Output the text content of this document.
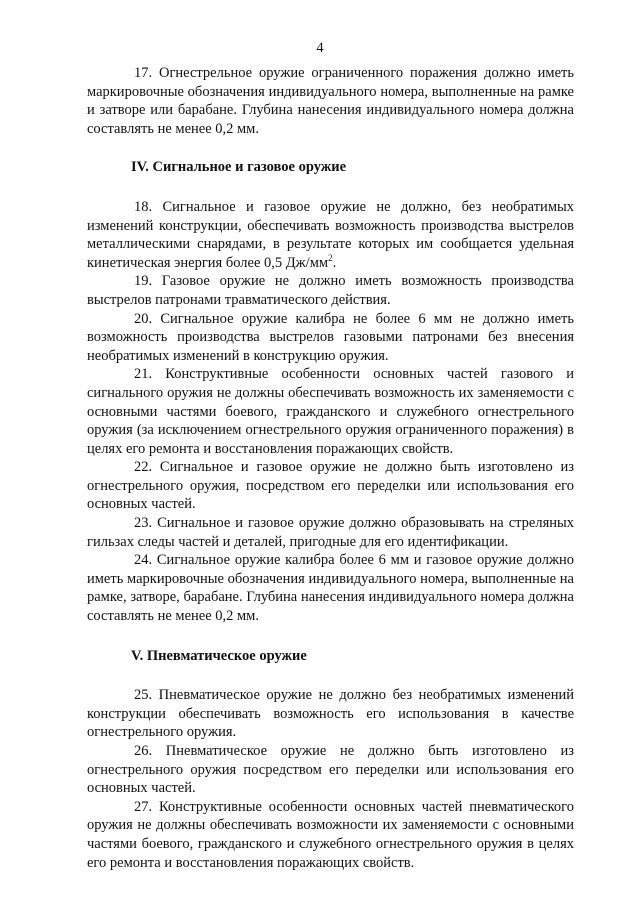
4

17. Огнестрельное оружие ограниченного поражения должно иметь маркировочные обозначения индивидуального номера, выполненные на рамке и затворе или барабане. Глубина нанесения индивидуального номера должна составлять не менее 0,2 мм.

IV. Сигнальное и газовое оружие

18. Сигнальное и газовое оружие не должно, без необратимых изменений конструкции, обеспечивать возможность производства выстрелов металлическими снарядами, в результате которых им сообщается удельная кинетическая энергия более 0,5 $Дж/мм^2$.

19. Газовое оружие не должно иметь возможность производства выстрелов патронами травматического действия.

20. Сигнальное оружие калибра не более 6 мм не должно иметь возможность производства выстрелов газовыми патронами без внесения необратимых изменений в конструкцию оружия.

21. Конструктивные особенности основных частей газового и сигнального оружия не должны обеспечивать возможность их заменяемости с основными частями боевого, гражданского и служебного огнестрельного оружия (за исключением огнестрельного оружия ограниченного поражения) в целях его ремонта и восстановления поражающих свойств.

22. Сигнальное и газовое оружие не должно быть изготовлено из огнестрельного оружия, посредством его переделки или использования его основных частей.

23. Сигнальное и газовое оружие должно образовывать на стреляных гильзах следы частей и деталей, пригодные для его идентификации.

24. Сигнальное оружие калибра более 6 мм и газовое оружие должно иметь маркировочные обозначения индивидуального номера, выполненные на рамке, затворе, барабане. Глубина нанесения индивидуального номера должна составлять не менее 0,2 мм.

V. Пневматическое оружие

25. Пневматическое оружие не должно без необратимых изменений конструкции обеспечивать возможность его использования в качестве огнестрельного оружия.

26. Пневматическое оружие не должно быть изготовлено из огнестрельного оружия посредством его переделки или использования его основных частей.

27. Конструктивные особенности основных частей пневматического оружия не должны обеспечивать возможности их заменяемости с основными частями боевого, гражданского и служебного огнестрельного оружия в целях его ремонта и восстановления поражающих свойств.
